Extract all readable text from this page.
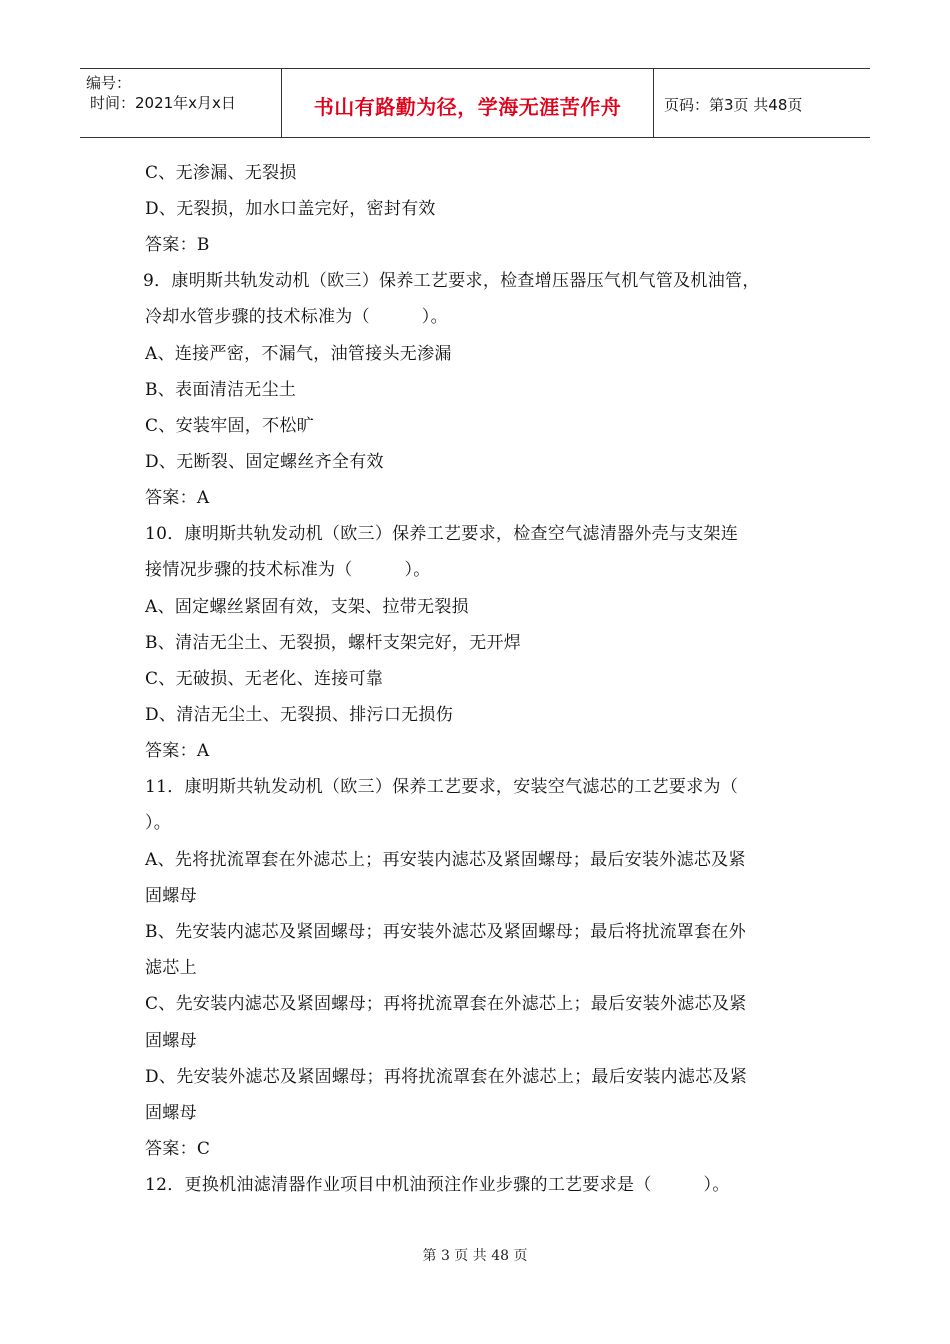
编号：
时间：2021年x月x日	书山有路勤为径，学海无涯苦作舟	页码：第3页 共48页
C、无渗漏、无裂损
D、无裂损，加水口盖完好，密封有效
答案：B
9．康明斯共轨发动机（欧三）保养工艺要求，检查增压器压气机气管及机油管，
冷却水管步骤的技术标准为（　　　）。
A、连接严密，不漏气，油管接头无渗漏
B、表面清洁无尘土
C、安装牢固，不松旷
D、无断裂、固定螺丝齐全有效
答案：A
10．康明斯共轨发动机（欧三）保养工艺要求，检查空气滤清器外壳与支架连
接情况步骤的技术标准为（　　　）。
A、固定螺丝紧固有效，支架、拉带无裂损
B、清洁无尘土、无裂损，螺杆支架完好，无开焊
C、无破损、无老化、连接可靠
D、清洁无尘土、无裂损、排污口无损伤
答案：A
11．康明斯共轨发动机（欧三）保养工艺要求，安装空气滤芯的工艺要求为（
）。
A、先将扰流罩套在外滤芯上；再安装内滤芯及紧固螺母；最后安装外滤芯及紧
固螺母
B、先安装内滤芯及紧固螺母；再安装外滤芯及紧固螺母；最后将扰流罩套在外
滤芯上
C、先安装内滤芯及紧固螺母；再将扰流罩套在外滤芯上；最后安装外滤芯及紧
固螺母
D、先安装外滤芯及紧固螺母；再将扰流罩套在外滤芯上；最后安装内滤芯及紧
固螺母
答案：C
12．更换机油滤清器作业项目中机油预注作业步骤的工艺要求是（　　　）。
第 3 页 共 48 页
